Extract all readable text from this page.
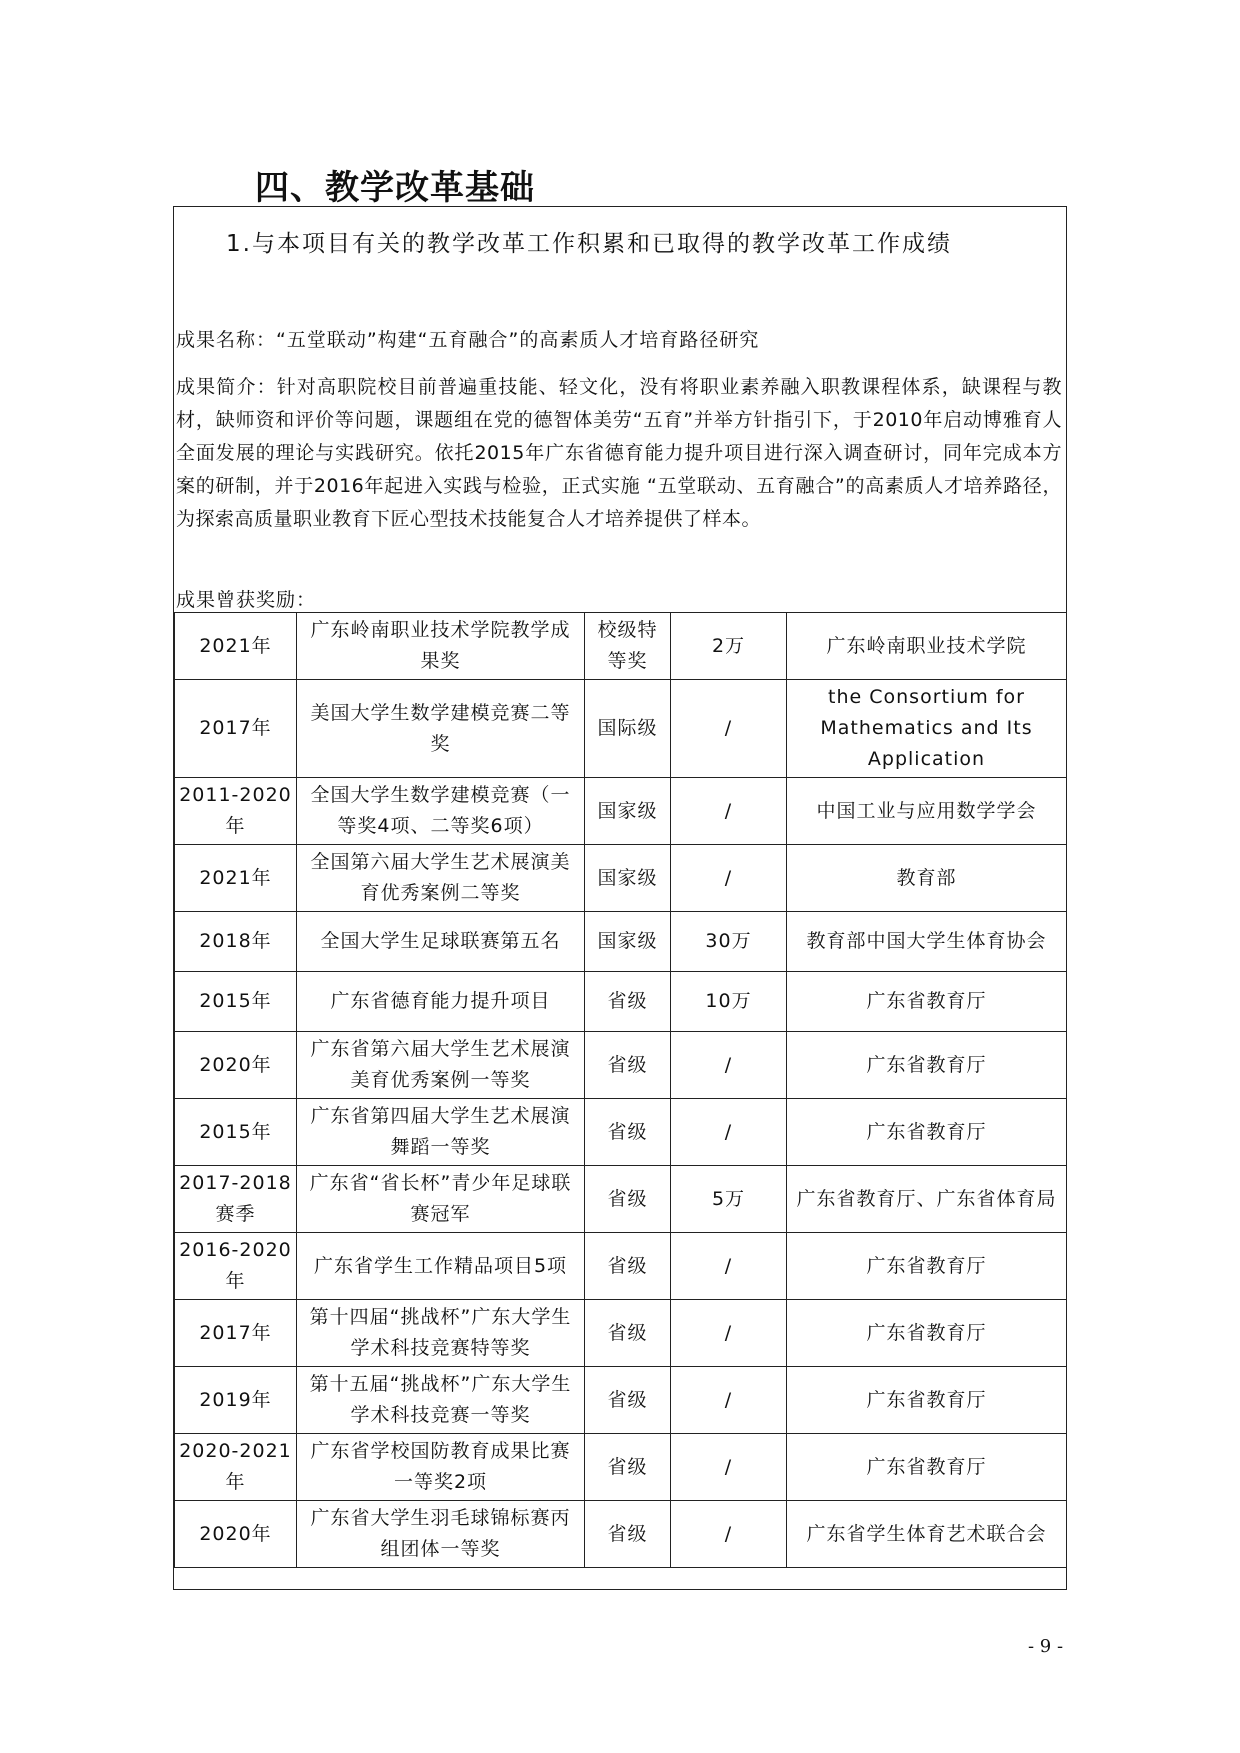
四、教学改革基础
1.与本项目有关的教学改革工作积累和已取得的教学改革工作成绩
成果名称：“五堂联动”构建“五育融合”的高素质人才培育路径研究
成果简介：针对高职院校目前普遍重技能、轻文化，没有将职业素养融入职教课程体系，缺课程与教材，缺师资和评价等问题，课题组在党的德智体美劳“五育”并举方针指引下，于2010年启动博雅育人全面发展的理论与实践研究。依托2015年广东省德育能力提升项目进行深入调查研讨，同年完成本方案的研制，并于2016年起进入实践与检验，正式实施 “五堂联动、五育融合”的高素质人才培养路径，为探索高质量职业教育下匠心型技术技能复合人才培养提供了样本。
成果曾获奖励：
2021年	广东岭南职业技术学院教学成果奖	校级特等奖	2万	广东岭南职业技术学院
2017年	美国大学生数学建模竞赛二等奖	国际级	/	the Consortium for Mathematics and Its Application
2011-2020年	全国大学生数学建模竞赛（一等奖4项、二等奖6项）	国家级	/	中国工业与应用数学学会
2021年	全国第六届大学生艺术展演美育优秀案例二等奖	国家级	/	教育部
2018年	全国大学生足球联赛第五名	国家级	30万	教育部中国大学生体育协会
2015年	广东省德育能力提升项目	省级	10万	广东省教育厅
2020年	广东省第六届大学生艺术展演美育优秀案例一等奖	省级	/	广东省教育厅
2015年	广东省第四届大学生艺术展演舞蹈一等奖	省级	/	广东省教育厅
2017-2018赛季	广东省“省长杯”青少年足球联赛冠军	省级	5万	广东省教育厅、广东省体育局
2016-2020年	广东省学生工作精品项目5项	省级	/	广东省教育厅
2017年	第十四届“挑战杯”广东大学生学术科技竞赛特等奖	省级	/	广东省教育厅
2019年	第十五届“挑战杯”广东大学生学术科技竞赛一等奖	省级	/	广东省教育厅
2020-2021年	广东省学校国防教育成果比赛一等奖2项	省级	/	广东省教育厅
2020年	广东省大学生羽毛球锦标赛丙组团体一等奖	省级	/	广东省学生体育艺术联合会
- 9 -
